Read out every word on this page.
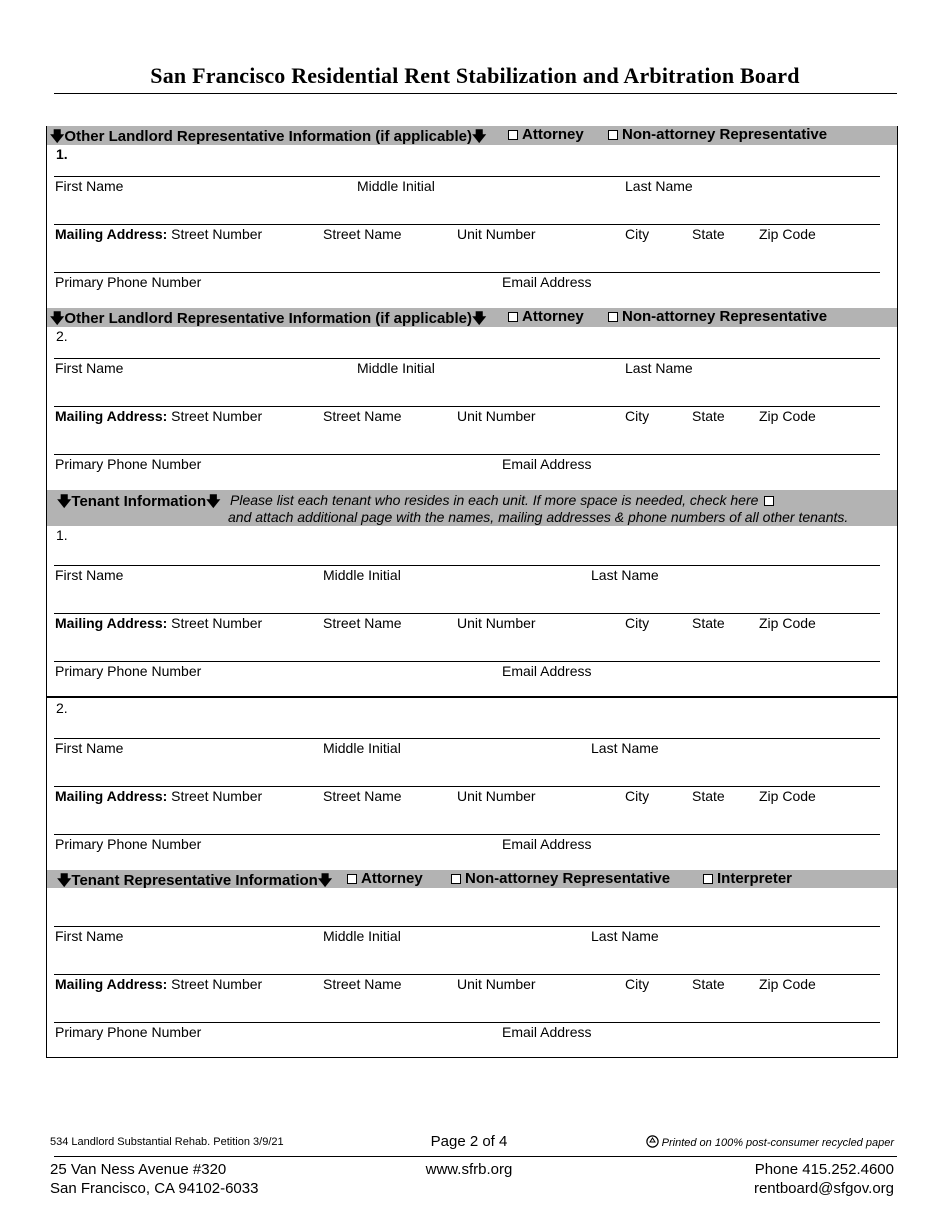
San Francisco Residential Rent Stabilization and Arbitration Board
🡇Other Landlord Representative Information (if applicable)🡇	Attorney	Non-attorney Representative
1.
First Name	Middle Initial	Last Name
Mailing Address: Street Number	Street Name	Unit Number	City	State Zip Code
Primary Phone Number	Email Address
🡇Other Landlord Representative Information (if applicable)🡇	Attorney	Non-attorney Representative
2.
First Name	Middle Initial	Last Name
Mailing Address: Street Number	Street Name	Unit Number	City	State Zip Code
Primary Phone Number	Email Address
🡇Tenant Information🡇 Please list each tenant who resides in each unit. If more space is needed, check here
and attach additional page with the names, mailing addresses & phone numbers of all other tenants.
1.
First Name	Middle Initial	Last Name
Mailing Address: Street Number	Street Name	Unit Number	City	State Zip Code
Primary Phone Number	Email Address
2.
First Name	Middle Initial	Last Name
Mailing Address: Street Number	Street Name	Unit Number	City	State Zip Code
Primary Phone Number	Email Address
🡇Tenant Representative Information🡇	Attorney	Non-attorney Representative	Interpreter
First Name	Middle Initial	Last Name
Mailing Address: Street Number	Street Name	Unit Number	City	State Zip Code
Primary Phone Number	Email Address
534 Landlord Substantial Rehab. Petition 3/9/21	Page 2 of 4	Printed on 100% post-consumer recycled paper
25 Van Ness Avenue #320
San Francisco, CA 94102-6033
www.sfrb.org	Phone 415.252.4600
rentboard@sfgov.org
